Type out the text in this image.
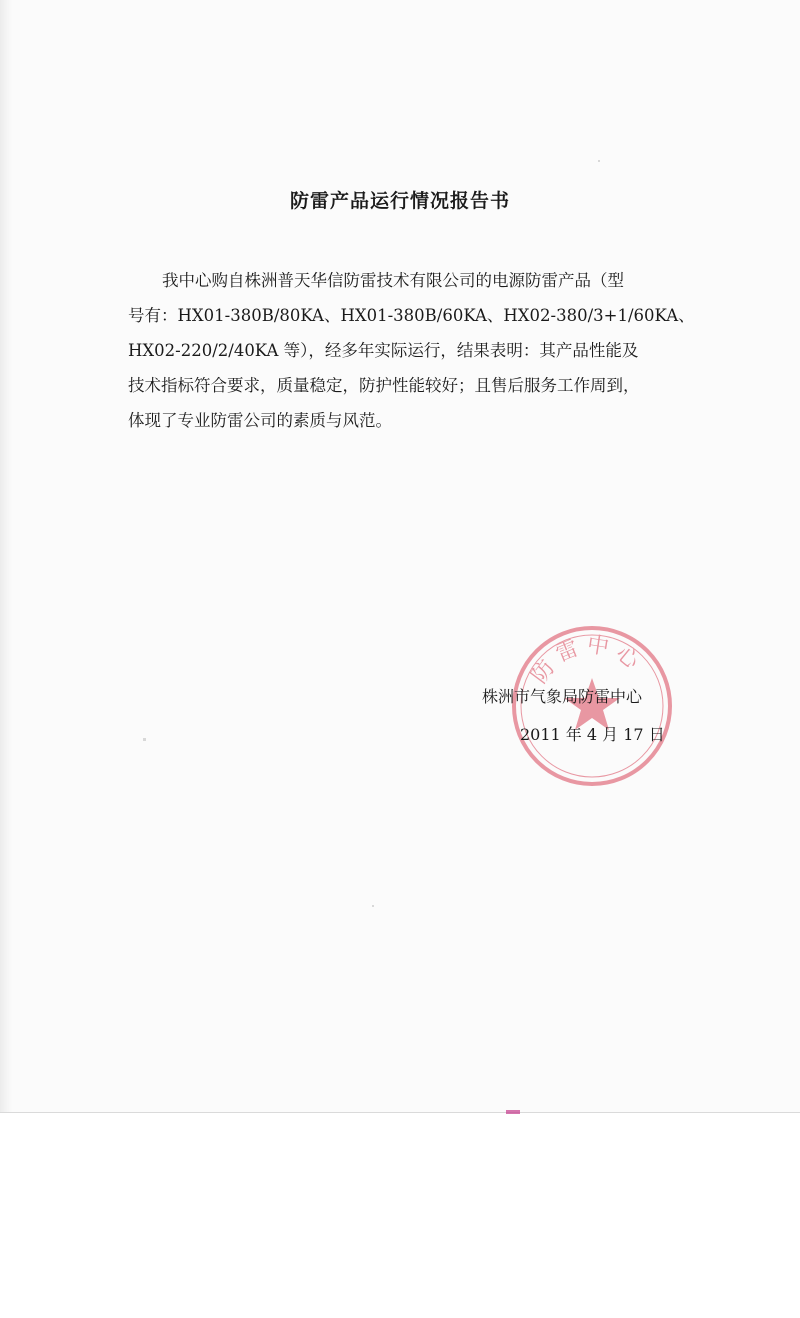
防雷产品运行情况报告书
我中心购自株洲普天华信防雷技术有限公司的电源防雷产品（型
号有：HX01-380B/80KA、HX01-380B/60KA、HX02-380/3+1/60KA、
HX02-220/2/40KA 等），经多年实际运行，结果表明：其产品性能及
技术指标符合要求，质量稳定，防护性能较好；且售后服务工作周到，
体现了专业防雷公司的素质与风范。
防雷中心
株洲市气象局防雷中心
2011 年 4 月 17 日
